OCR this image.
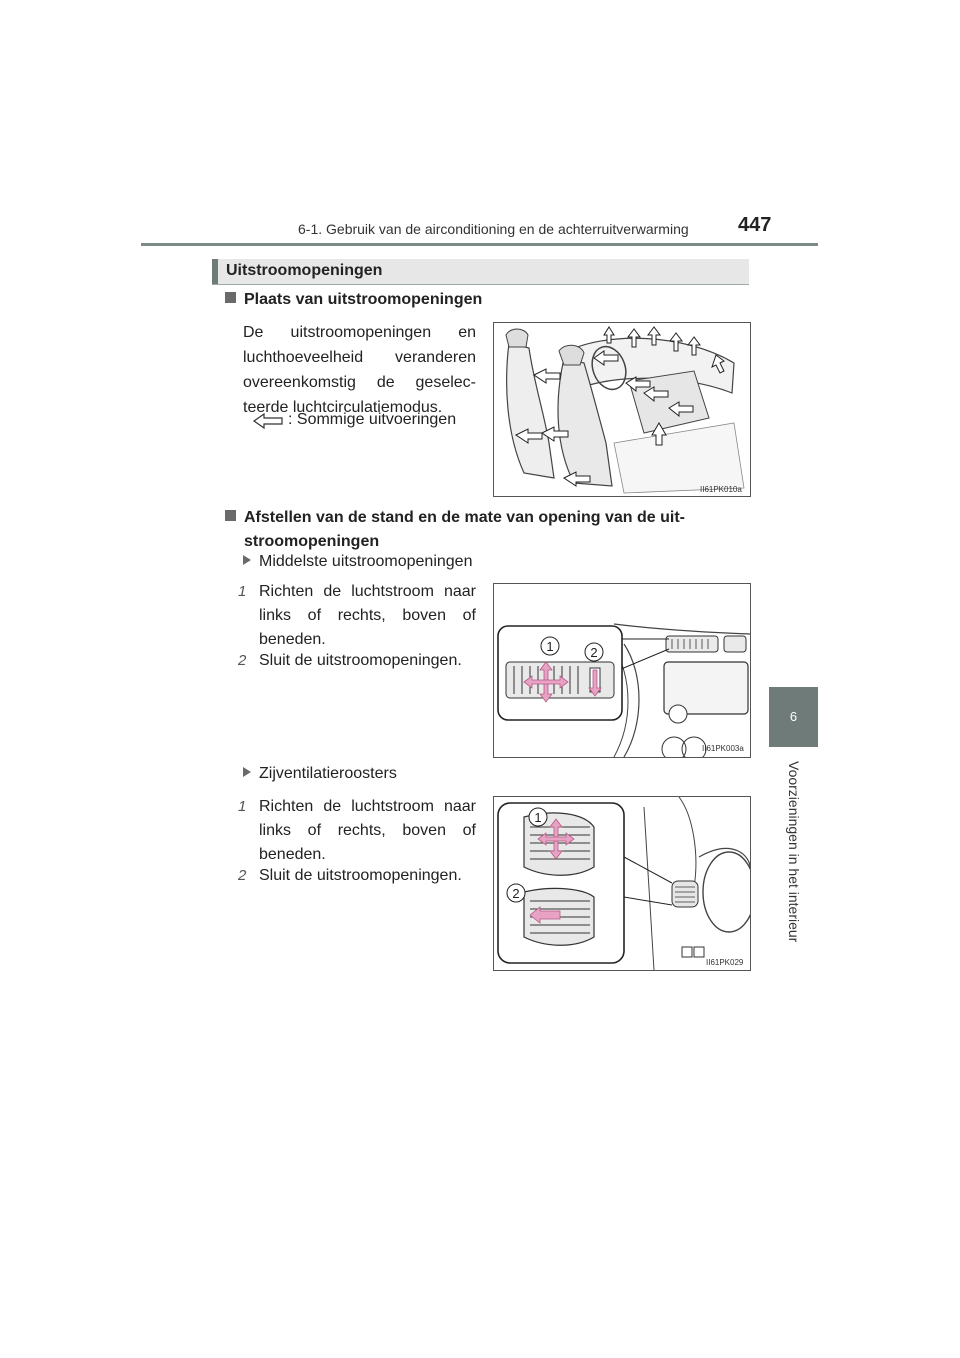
6-1. Gebruik van de airconditioning en de achterruitverwarming 447
6
Voorzieningen in het interieur
Uitstroomopeningen
Plaats van uitstroomopeningen
De uitstroomopeningen en luchthoeveelheid veranderen overeenkomstig de geselecteerde luchtcirculatiemodus.
: Sommige uitvoeringen
II61PK010a
Afstellen van de stand en de mate van opening van de uit-
stroomopeningen
Middelste uitstroomopeningen
1 Richten de luchtstroom naar links of rechts, boven of beneden.
2 Sluit de uitstroomopeningen.
1	2
II61PK003a
Zijventilatieroosters
1 Richten de luchtstroom naar links of rechts, boven of beneden.
2 Sluit de uitstroomopeningen.
1
2
II61PK029
